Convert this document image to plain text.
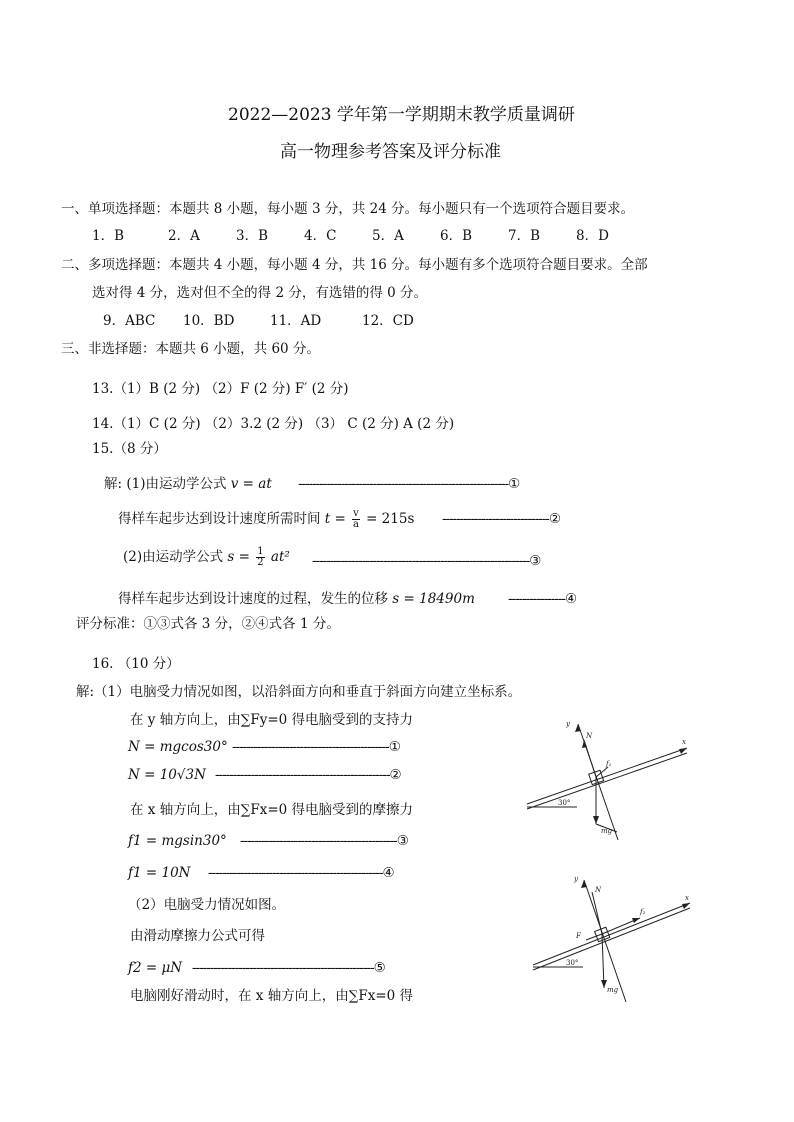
2022—2023 学年第一学期期末教学质量调研
高一物理参考答案及评分标准
一、单项选择题：本题共 8 小题，每小题 3 分，共 24 分。每小题只有一个选项符合题目要求。
1．B	2．A	3．B	4．C	5．A	6．B	7．B	8．D
二、多项选择题：本题共 4 小题，每小题 4 分，共 16 分。每小题有多个选项符合题目要求。全部
选对得 4 分，选对但不全的得 2 分，有选错的得 0 分。
9．ABC 10．BD	11．AD	12．CD
三、非选择题：本题共 6 小题，共 60 分。
13.（1）B (2 分) （2）F (2 分) F′ (2 分)
14.（1）C (2 分) （2）3.2 (2 分) （3） C (2 分) A (2 分)
15.（8 分）
解: (1)由运动学公式 v = at -----------------------------------------------------------①
得样车起步达到设计速度所需时间 $t = \frac{v}{a} = 215s$ ------------------------------②
(2)由运动学公式 $s = \frac{1}{2} at^2$ -------------------------------------------------------------③
得样车起步达到设计速度的过程，发生的位移 s = 18490m ----------------④
评分标准：①③式各 3 分，②④式各 1 分。
16. （10 分）
解:（1）电脑受力情况如图，以沿斜面方向和垂直于斜面方向建立坐标系。
在 y 轴方向上，由∑Fy=0 得电脑受到的支持力
N = mgcos30° --------------------------------------------①
N = 10√3N -------------------------------------------------②
在 x 轴方向上，由∑Fx=0 得电脑受到的摩擦力
f1 = mgsin30° --------------------------------------------③
f1 = 10N -------------------------------------------------④
（2）电脑受力情况如图。
由滑动摩擦力公式可得
f2 = μN ---------------------------------------------------⑤
电脑刚好滑动时，在 x 轴方向上，由∑Fx=0 得
y
x
N
f₁
mg
30°
y
x
N
f₂
F
mg
30°
